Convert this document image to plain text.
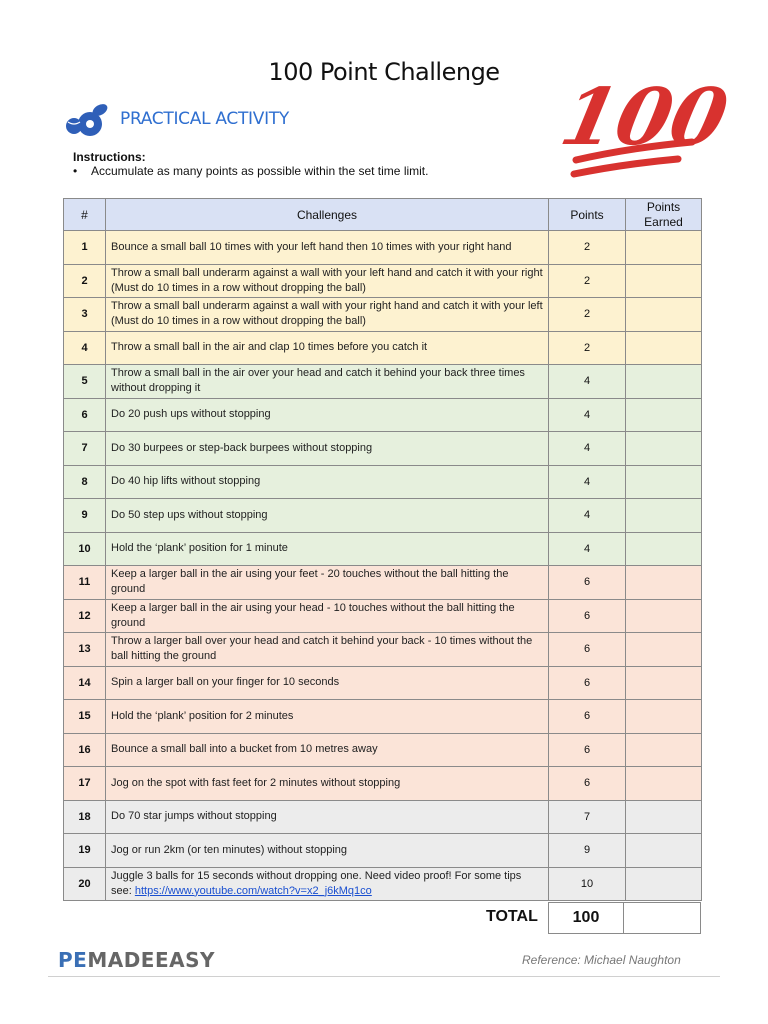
100 Point Challenge 100
PRACTICAL ACTIVITY
Instructions:
• Accumulate as many points as possible within the set time limit.
#	Challenges	Points	Points Earned
1	Bounce a small ball 10 times with your left hand then 10 times with your right hand	2	
2	Throw a small ball underarm against a wall with your left hand and catch it with your right (Must do 10 times in a row without dropping the ball)	2	
3	Throw a small ball underarm against a wall with your right hand and catch it with your left (Must do 10 times in a row without dropping the ball)	2	
4	Throw a small ball in the air and clap 10 times before you catch it	2	
5	Throw a small ball in the air over your head and catch it behind your back three times without dropping it	4	
6	Do 20 push ups without stopping	4	
7	Do 30 burpees or step-back burpees without stopping	4	
8	Do 40 hip lifts without stopping	4	
9	Do 50 step ups without stopping	4	
10	Hold the ‘plank’ position for 1 minute	4	
11	Keep a larger ball in the air using your feet - 20 touches without the ball hitting the ground	6	
12	Keep a larger ball in the air using your head - 10 touches without the ball hitting the ground	6	
13	Throw a larger ball over your head and catch it behind your back - 10 times without the ball hitting the ground	6	
14	Spin a larger ball on your finger for 10 seconds	6	
15	Hold the ‘plank’ position for 2 minutes	6	
16	Bounce a small ball into a bucket from 10 metres away	6	
17	Jog on the spot with fast feet for 2 minutes without stopping	6	
18	Do 70 star jumps without stopping	7	
19	Jog or run 2km (or ten minutes) without stopping	9	
20	Juggle 3 balls for 15 seconds without dropping one. Need video proof! For some tips see: https://www.youtube.com/watch?v=x2_j6kMq1co	10	
TOTAL	100
PEMADEEASY	Reference: Michael Naughton
